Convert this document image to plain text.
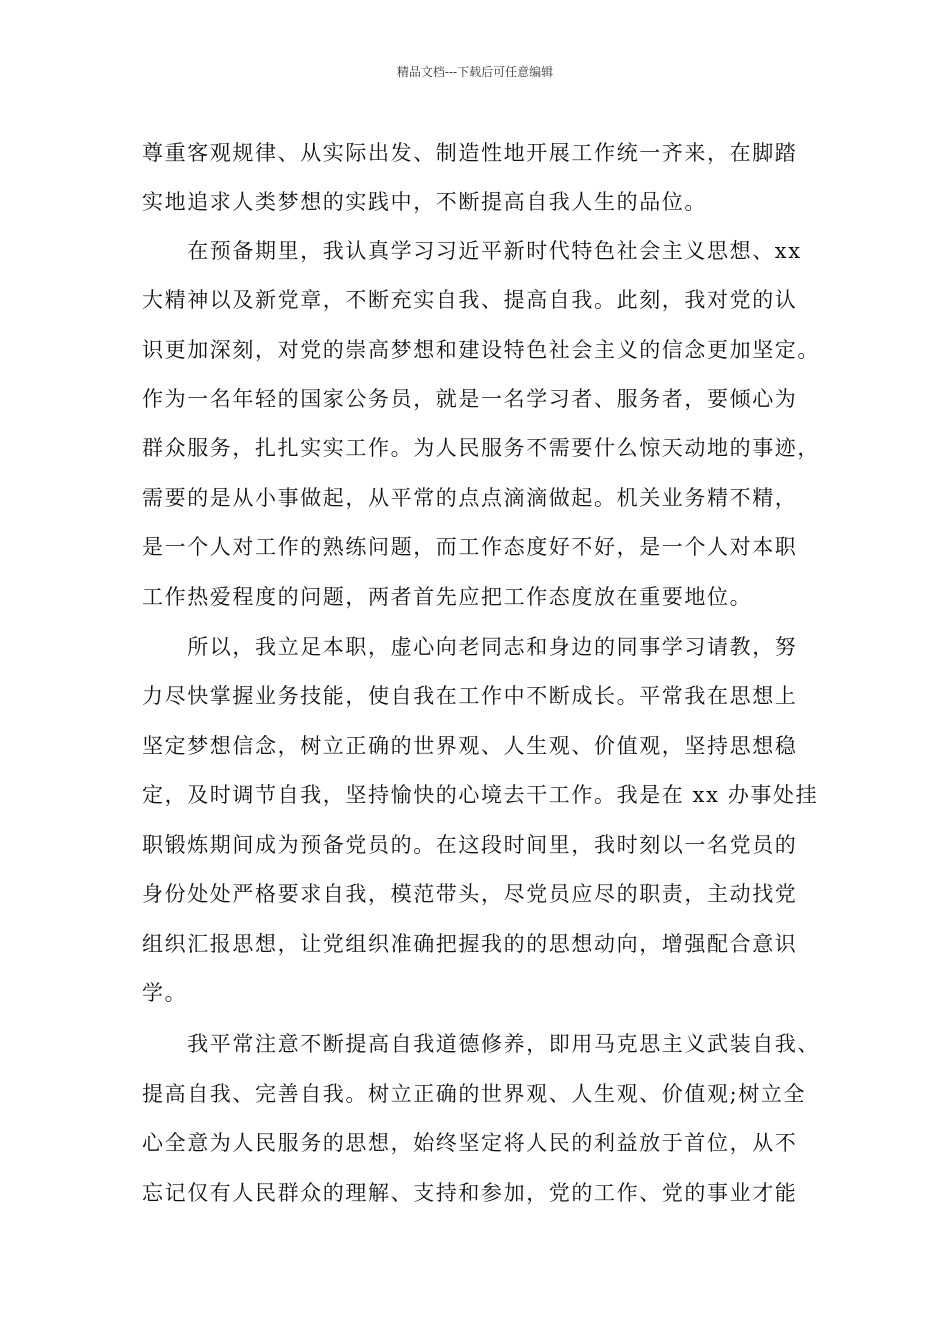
精品文档---下载后可任意编辑
尊重客观规律、从实际出发、制造性地开展工作统一齐来，在脚踏
实地追求人类梦想的实践中，不断提高自我人生的品位。
　　在预备期里，我认真学习习近平新时代特色社会主义思想、xx
大精神以及新党章，不断充实自我、提高自我。此刻，我对党的认
识更加深刻，对党的崇高梦想和建设特色社会主义的信念更加坚定。
作为一名年轻的国家公务员，就是一名学习者、服务者，要倾心为
群众服务，扎扎实实工作。为人民服务不需要什么惊天动地的事迹，
需要的是从小事做起，从平常的点点滴滴做起。机关业务精不精，
是一个人对工作的熟练问题，而工作态度好不好，是一个人对本职
工作热爱程度的问题，两者首先应把工作态度放在重要地位。
　　所以，我立足本职，虚心向老同志和身边的同事学习请教，努
力尽快掌握业务技能，使自我在工作中不断成长。平常我在思想上
坚定梦想信念，树立正确的世界观、人生观、价值观，坚持思想稳
定，及时调节自我，坚持愉快的心境去干工作。我是在 xx 办事处挂
职锻炼期间成为预备党员的。在这段时间里，我时刻以一名党员的
身份处处严格要求自我，模范带头，尽党员应尽的职责，主动找党
组织汇报思想，让党组织准确把握我的的思想动向，增强配合意识
学。
　　我平常注意不断提高自我道德修养，即用马克思主义武装自我、
提高自我、完善自我。树立正确的世界观、人生观、价值观;树立全
心全意为人民服务的思想，始终坚定将人民的利益放于首位，从不
忘记仅有人民群众的理解、支持和参加，党的工作、党的事业才能
